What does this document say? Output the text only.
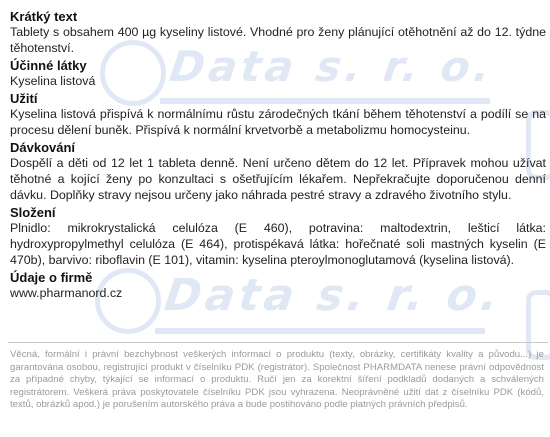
Data s. r. o.
Data s. r. o.
Krátký text

Tablety s obsahem 400 µg kyseliny listové. Vhodné pro ženy plánující otěhotnění až do 12. týdne těhotenství.

Účinné látky

Kyselina listová

Užití

Kyselina listová přispívá k normálnímu růstu zárodečných tkání během těhotenství a podílí se na procesu dělení buněk. Přispívá k normální krvetvorbě a metabolizmu homocysteinu.

Dávkování

Dospělí a děti od 12 let 1 tableta denně. Není určeno dětem do 12 let. Přípravek mohou užívat těhotné a kojící ženy po konzultaci s ošetřujícím lékařem. Nepřekračujte doporučenou denní dávku. Doplňky stravy nejsou určeny jako náhrada pestré stravy a zdravého životního stylu.

Složení

Plnidlo: mikrokrystalická celulóza (E 460), potravina: maltodextrin, lešticí látka: hydroxypropylmethyl celulóza (E 464), protispékavá látka: hořečnaté soli mastných kyselin (E 470b), barvivo: riboflavin (E 101), vitamin: kyselina pteroylmonoglutamová (kyselina listová).

Údaje o firmě

www.pharmanord.cz

Věcná, formální i právní bezchybnost veškerých informací o produktu (texty, obrázky, certifikáty kvality a původu...) je garantována osobou, registrující produkt v číselníku PDK (registrátor). Společnost PHARMDATA nenese právní odpovědnost za případné chyby, týkající se informací o produktu. Ručí jen za korektní šíření podkladů dodaných a schválených registrátorem. Veškerá práva poskytovatele číselníku PDK jsou vyhrazena. Neoprávněné užití dat z číselníku PDK (kódů, textů, obrázků apod.) je porušením autorského práva a bude postihováno podle platných právních předpisů.
